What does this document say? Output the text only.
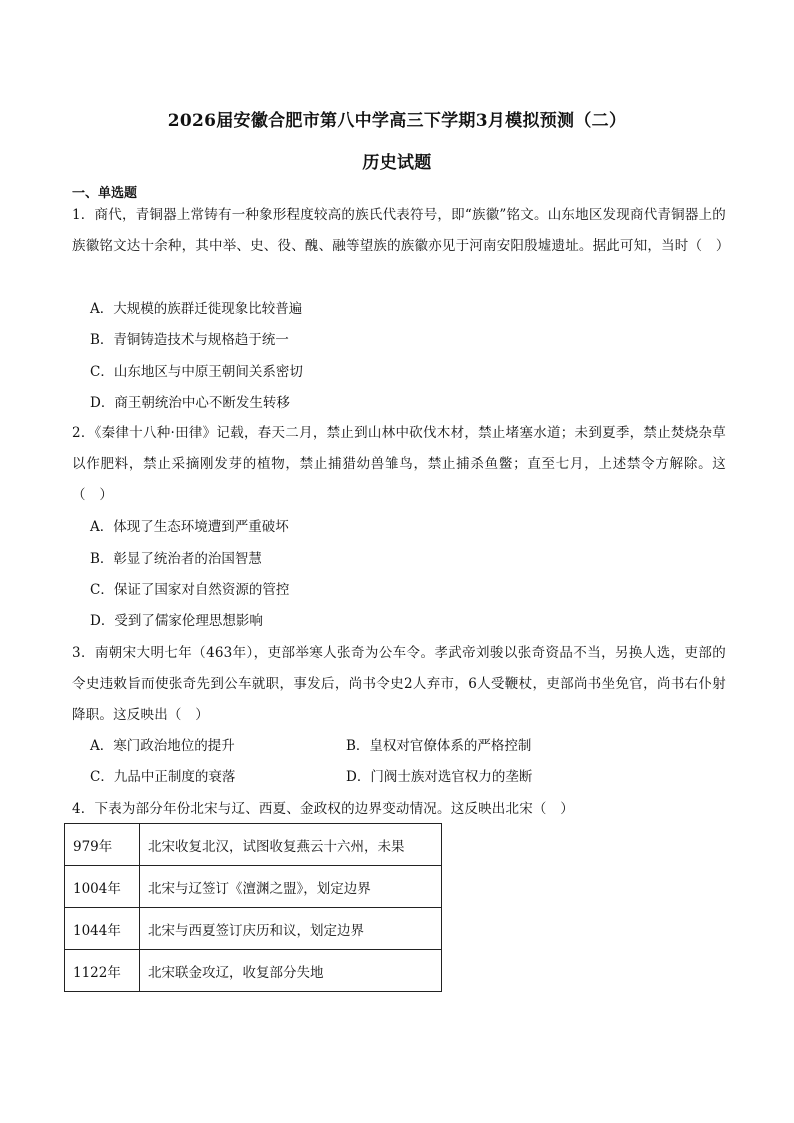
2026届安徽合肥市第八中学高三下学期3月模拟预测（二）
历史试题
一、单选题
1．商代，青铜器上常铸有一种象形程度较高的族氏代表符号，即“族徽”铭文。山东地区发现商代青铜器上的族徽铭文达十余种，其中举、史、役、醜、融等望族的族徽亦见于河南安阳殷墟遗址。据此可知，当时（　）
A．大规模的族群迁徙现象比较普遍
B．青铜铸造技术与规格趋于统一
C．山东地区与中原王朝间关系密切
D．商王朝统治中心不断发生转移
2．《秦律十八种·田律》记载，春天二月，禁止到山林中砍伐木材，禁止堵塞水道；未到夏季，禁止焚烧杂草以作肥料，禁止采摘刚发芽的植物，禁止捕猎幼兽雏鸟，禁止捕杀鱼鳖；直至七月，上述禁令方解除。这（　）
A．体现了生态环境遭到严重破坏
B．彰显了统治者的治国智慧
C．保证了国家对自然资源的管控
D．受到了儒家伦理思想影响
3．南朝宋大明七年（463年），吏部举寒人张奇为公车令。孝武帝刘骏以张奇资品不当，另换人选，吏部的令史违敕旨而使张奇先到公车就职，事发后，尚书令史2人弃市，6人受鞭杖，吏部尚书坐免官，尚书右仆射降职。这反映出（　）
A．寒门政治地位的提升	B．皇权对官僚体系的严格控制
C．九品中正制度的衰落	D．门阀士族对选官权力的垄断
4．下表为部分年份北宋与辽、西夏、金政权的边界变动情况。这反映出北宋（　）
979年	北宋收复北汉，试图收复燕云十六州，未果
1004年	北宋与辽签订《澶渊之盟》，划定边界
1044年	北宋与西夏签订庆历和议，划定边界
1122年	北宋联金攻辽，收复部分失地
